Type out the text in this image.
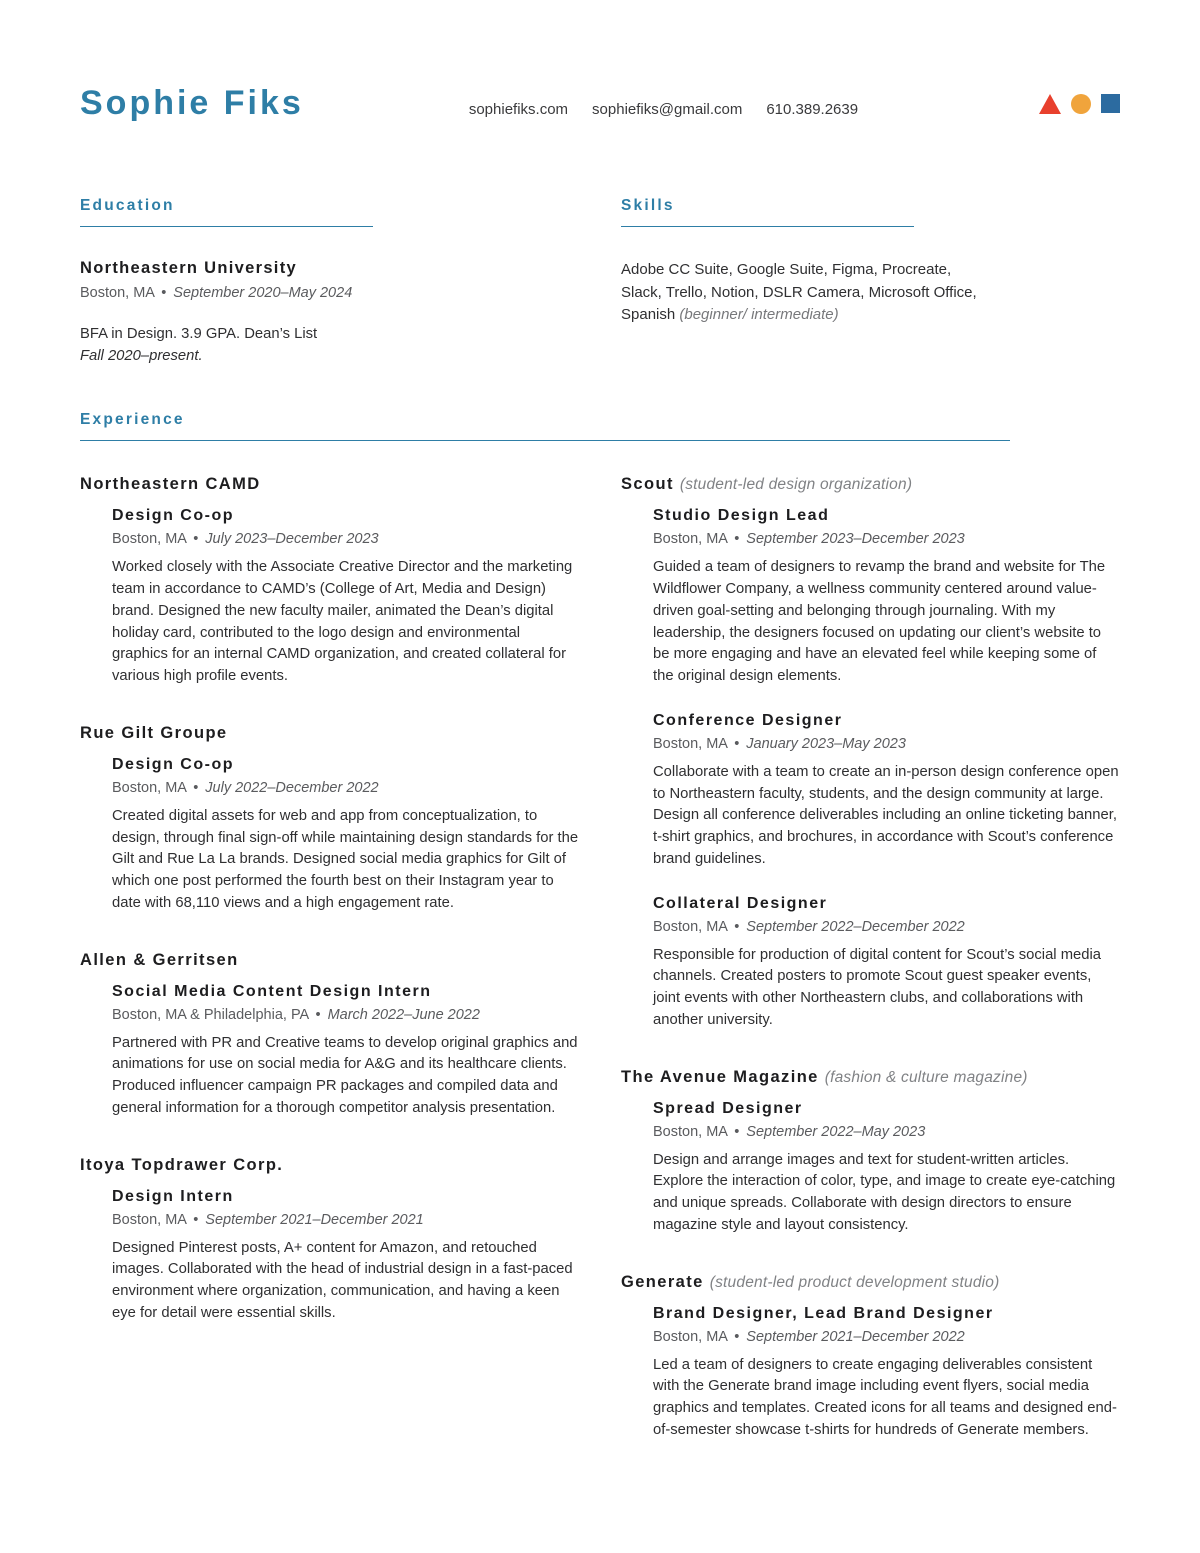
Sophie Fiks	sophiefiks.com sophiefiks@gmail.com 610.389.2639
Education
Northeastern University

Boston, MA • September 2020–May 2024

BFA in Design. 3.9 GPA. Dean’s List
Fall 2020–present.

Skills

Adobe CC Suite, Google Suite, Figma, Procreate, Slack, Trello, Notion, DSLR Camera, Microsoft Office, Spanish (beginner/ intermediate)

Experience
Northeastern CAMD
Design Co-op

Boston, MA • July 2023–December 2023

Worked closely with the Associate Creative Director and the marketing team in accordance to CAMD’s (College of Art, Media and Design) brand. Designed the new faculty mailer, animated the Dean’s digital holiday card, contributed to the logo design and environmental graphics for an internal CAMD organization, and created collateral for various high profile events.

Rue Gilt Groupe
Design Co-op

Boston, MA • July 2022–December 2022

Created digital assets for web and app from conceptualization, to design, through final sign-off while maintaining design standards for the Gilt and Rue La La brands. Designed social media graphics for Gilt of which one post performed the fourth best on their Instagram year to date with 68,110 views and a high engagement rate.

Allen & Gerritsen
Social Media Content Design Intern

Boston, MA & Philadelphia, PA • March 2022–June 2022

Partnered with PR and Creative teams to develop original graphics and animations for use on social media for A&G and its healthcare clients. Produced influencer campaign PR packages and compiled data and general information for a thorough competitor analysis presentation.

Itoya Topdrawer Corp.
Design Intern

Boston, MA • September 2021–December 2021

Designed Pinterest posts, A+ content for Amazon, and retouched images. Collaborated with the head of industrial design in a fast-paced environment where organization, communication, and having a keen eye for detail were essential skills.

Scout (student-led design organization)
Studio Design Lead

Boston, MA • September 2023–December 2023

Guided a team of designers to revamp the brand and website for The Wildflower Company, a wellness community centered around value-driven goal-setting and belonging through journaling. With my leadership, the designers focused on updating our client’s website to be more engaging and have an elevated feel while keeping some of the original design elements.

Conference Designer

Boston, MA • January 2023–May 2023

Collaborate with a team to create an in-person design conference open to Northeastern faculty, students, and the design community at large. Design all conference deliverables including an online ticketing banner, t-shirt graphics, and brochures, in accordance with Scout’s conference brand guidelines.

Collateral Designer

Boston, MA • September 2022–December 2022

Responsible for production of digital content for Scout’s social media channels. Created posters to promote Scout guest speaker events, joint events with other Northeastern clubs, and collaborations with another university.

The Avenue Magazine (fashion & culture magazine)
Spread Designer

Boston, MA • September 2022–May 2023

Design and arrange images and text for student-written articles. Explore the interaction of color, type, and image to create eye-catching and unique spreads. Collaborate with design directors to ensure magazine style and layout consistency.

Generate (student-led product development studio)
Brand Designer, Lead Brand Designer

Boston, MA • September 2021–December 2022

Led a team of designers to create engaging deliverables consistent with the Generate brand image including event flyers, social media graphics and templates. Created icons for all teams and designed end-of-semester showcase t-shirts for hundreds of Generate members.
